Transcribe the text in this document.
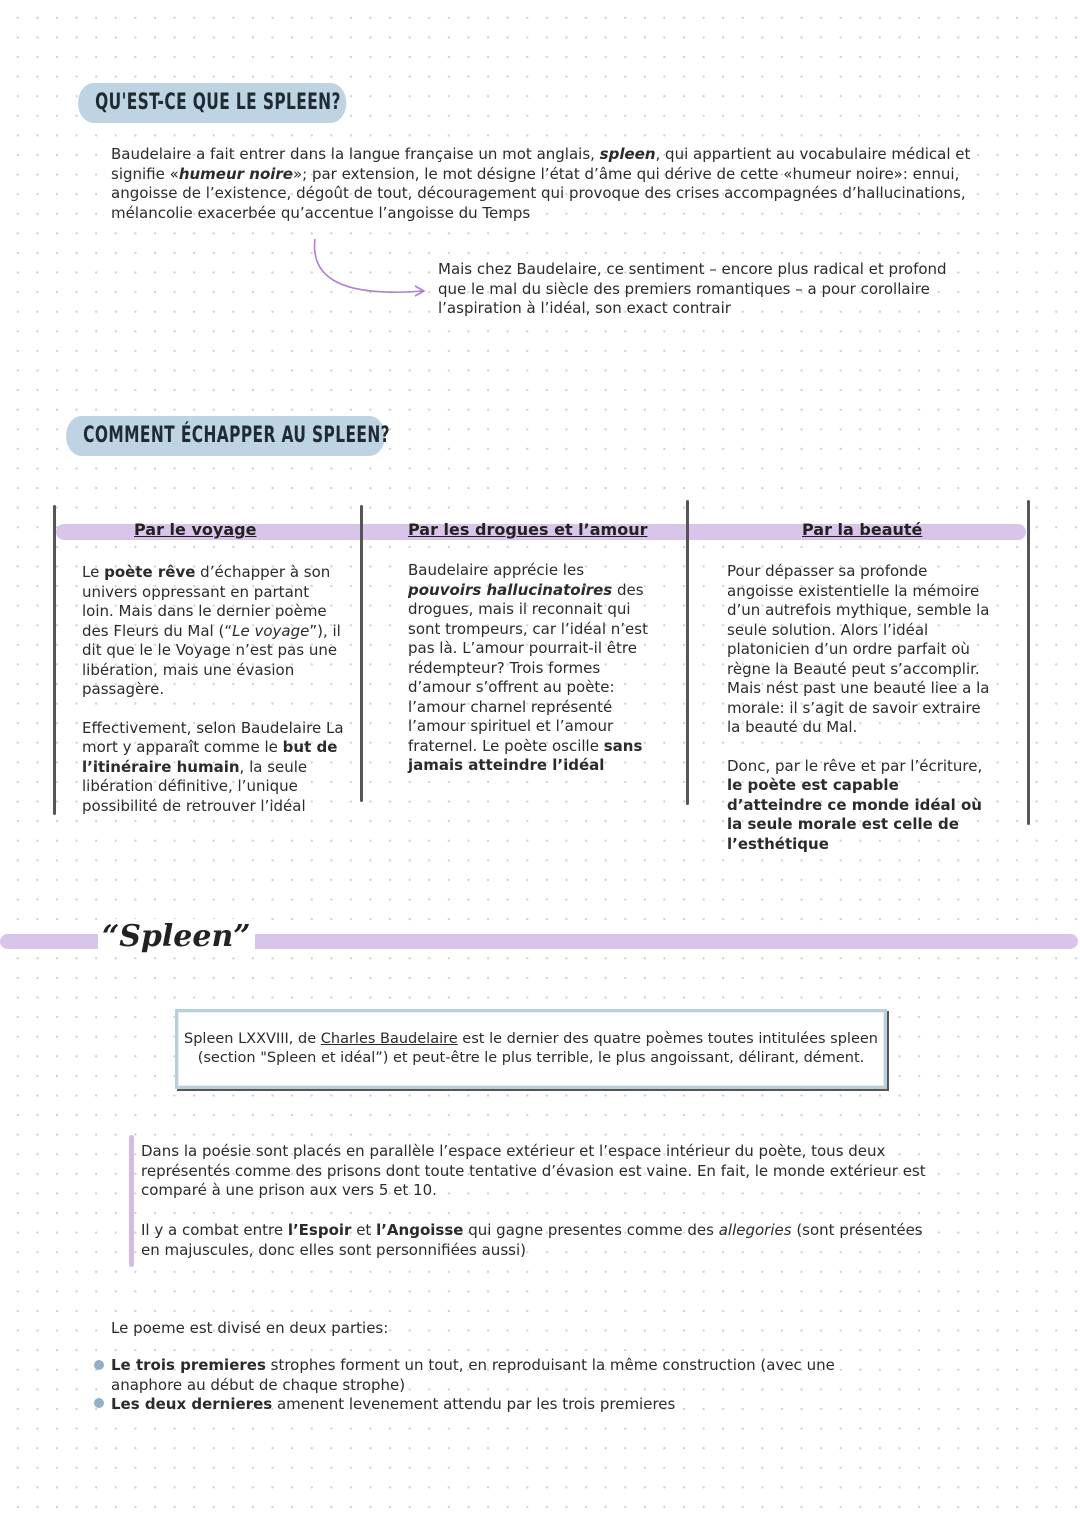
QU'EST-CE QUE LE SPLEEN?
Baudelaire a fait entrer dans la langue française un mot anglais, spleen, qui appartient au vocabulaire médical et signifie «humeur noire»; par extension, le mot désigne l’état d’âme qui dérive de cette «humeur noire»: ennui, angoisse de l’existence, dégoût de tout, découragement qui provoque des crises accompagnées d’hallucinations, mélancolie exacerbée qu’accentue l’angoisse du Temps
Mais chez Baudelaire, ce sentiment – encore plus radical et profond que le mal du siècle des premiers romantiques – a pour corollaire l’aspiration à l’idéal, son exact contrair
COMMENT ÉCHAPPER AU SPLEEN?
Par le voyage	Par les drogues et l’amour	Par la beauté

Le poète rêve d’échapper à son univers oppressant en partant loin. Mais dans le dernier poème des Fleurs du Mal (“Le voyage”), il dit que le le Voyage n’est pas une libération, mais une évasion passagère.

Effectivement, selon Baudelaire La mort y apparaît comme le but de l’itinéraire humain, la seule libération définitive, l’unique possibilité de retrouver l’idéal

Baudelaire apprécie les pouvoirs hallucinatoires des drogues, mais il reconnait qui sont trompeurs, car l’idéal n’est pas là. L’amour pourrait-il être rédempteur? Trois formes d’amour s’offrent au poète: l’amour charnel représenté l’amour spirituel et l’amour fraternel. Le poète oscille sans jamais atteindre l’idéal

Pour dépasser sa profonde angoisse existentielle la mémoire d’un autrefois mythique, semble la seule solution. Alors l’idéal platonicien d’un ordre parfait où règne la Beauté peut s’accomplir. Mais nést past une beauté liee a la morale: il s’agit de savoir extraire la beauté du Mal.

Donc, par le rêve et par l’écriture, le poète est capable d’atteindre ce monde idéal où la seule morale est celle de l’esthétique

“Spleen”
Spleen LXXVIII, de Charles Baudelaire est le dernier des quatre poèmes toutes intitulées spleen (section "Spleen et idéal”) et peut-être le plus terrible, le plus angoissant, délirant, dément.
Dans la poésie sont placés en parallèle l’espace extérieur et l’espace intérieur du poète, tous deux représentés comme des prisons dont toute tentative d’évasion est vaine. En fait, le monde extérieur est comparé à une prison aux vers 5 et 10.
Il y a combat entre l’Espoir et l’Angoisse qui gagne presentes comme des allegories (sont présentées en majuscules, donc elles sont personnifiées aussi)
Le poeme est divisé en deux parties:
Le trois premieres strophes forment un tout, en reproduisant la même construction (avec une anaphore au début de chaque strophe)
Les deux dernieres amenent levenement attendu par les trois premieres
